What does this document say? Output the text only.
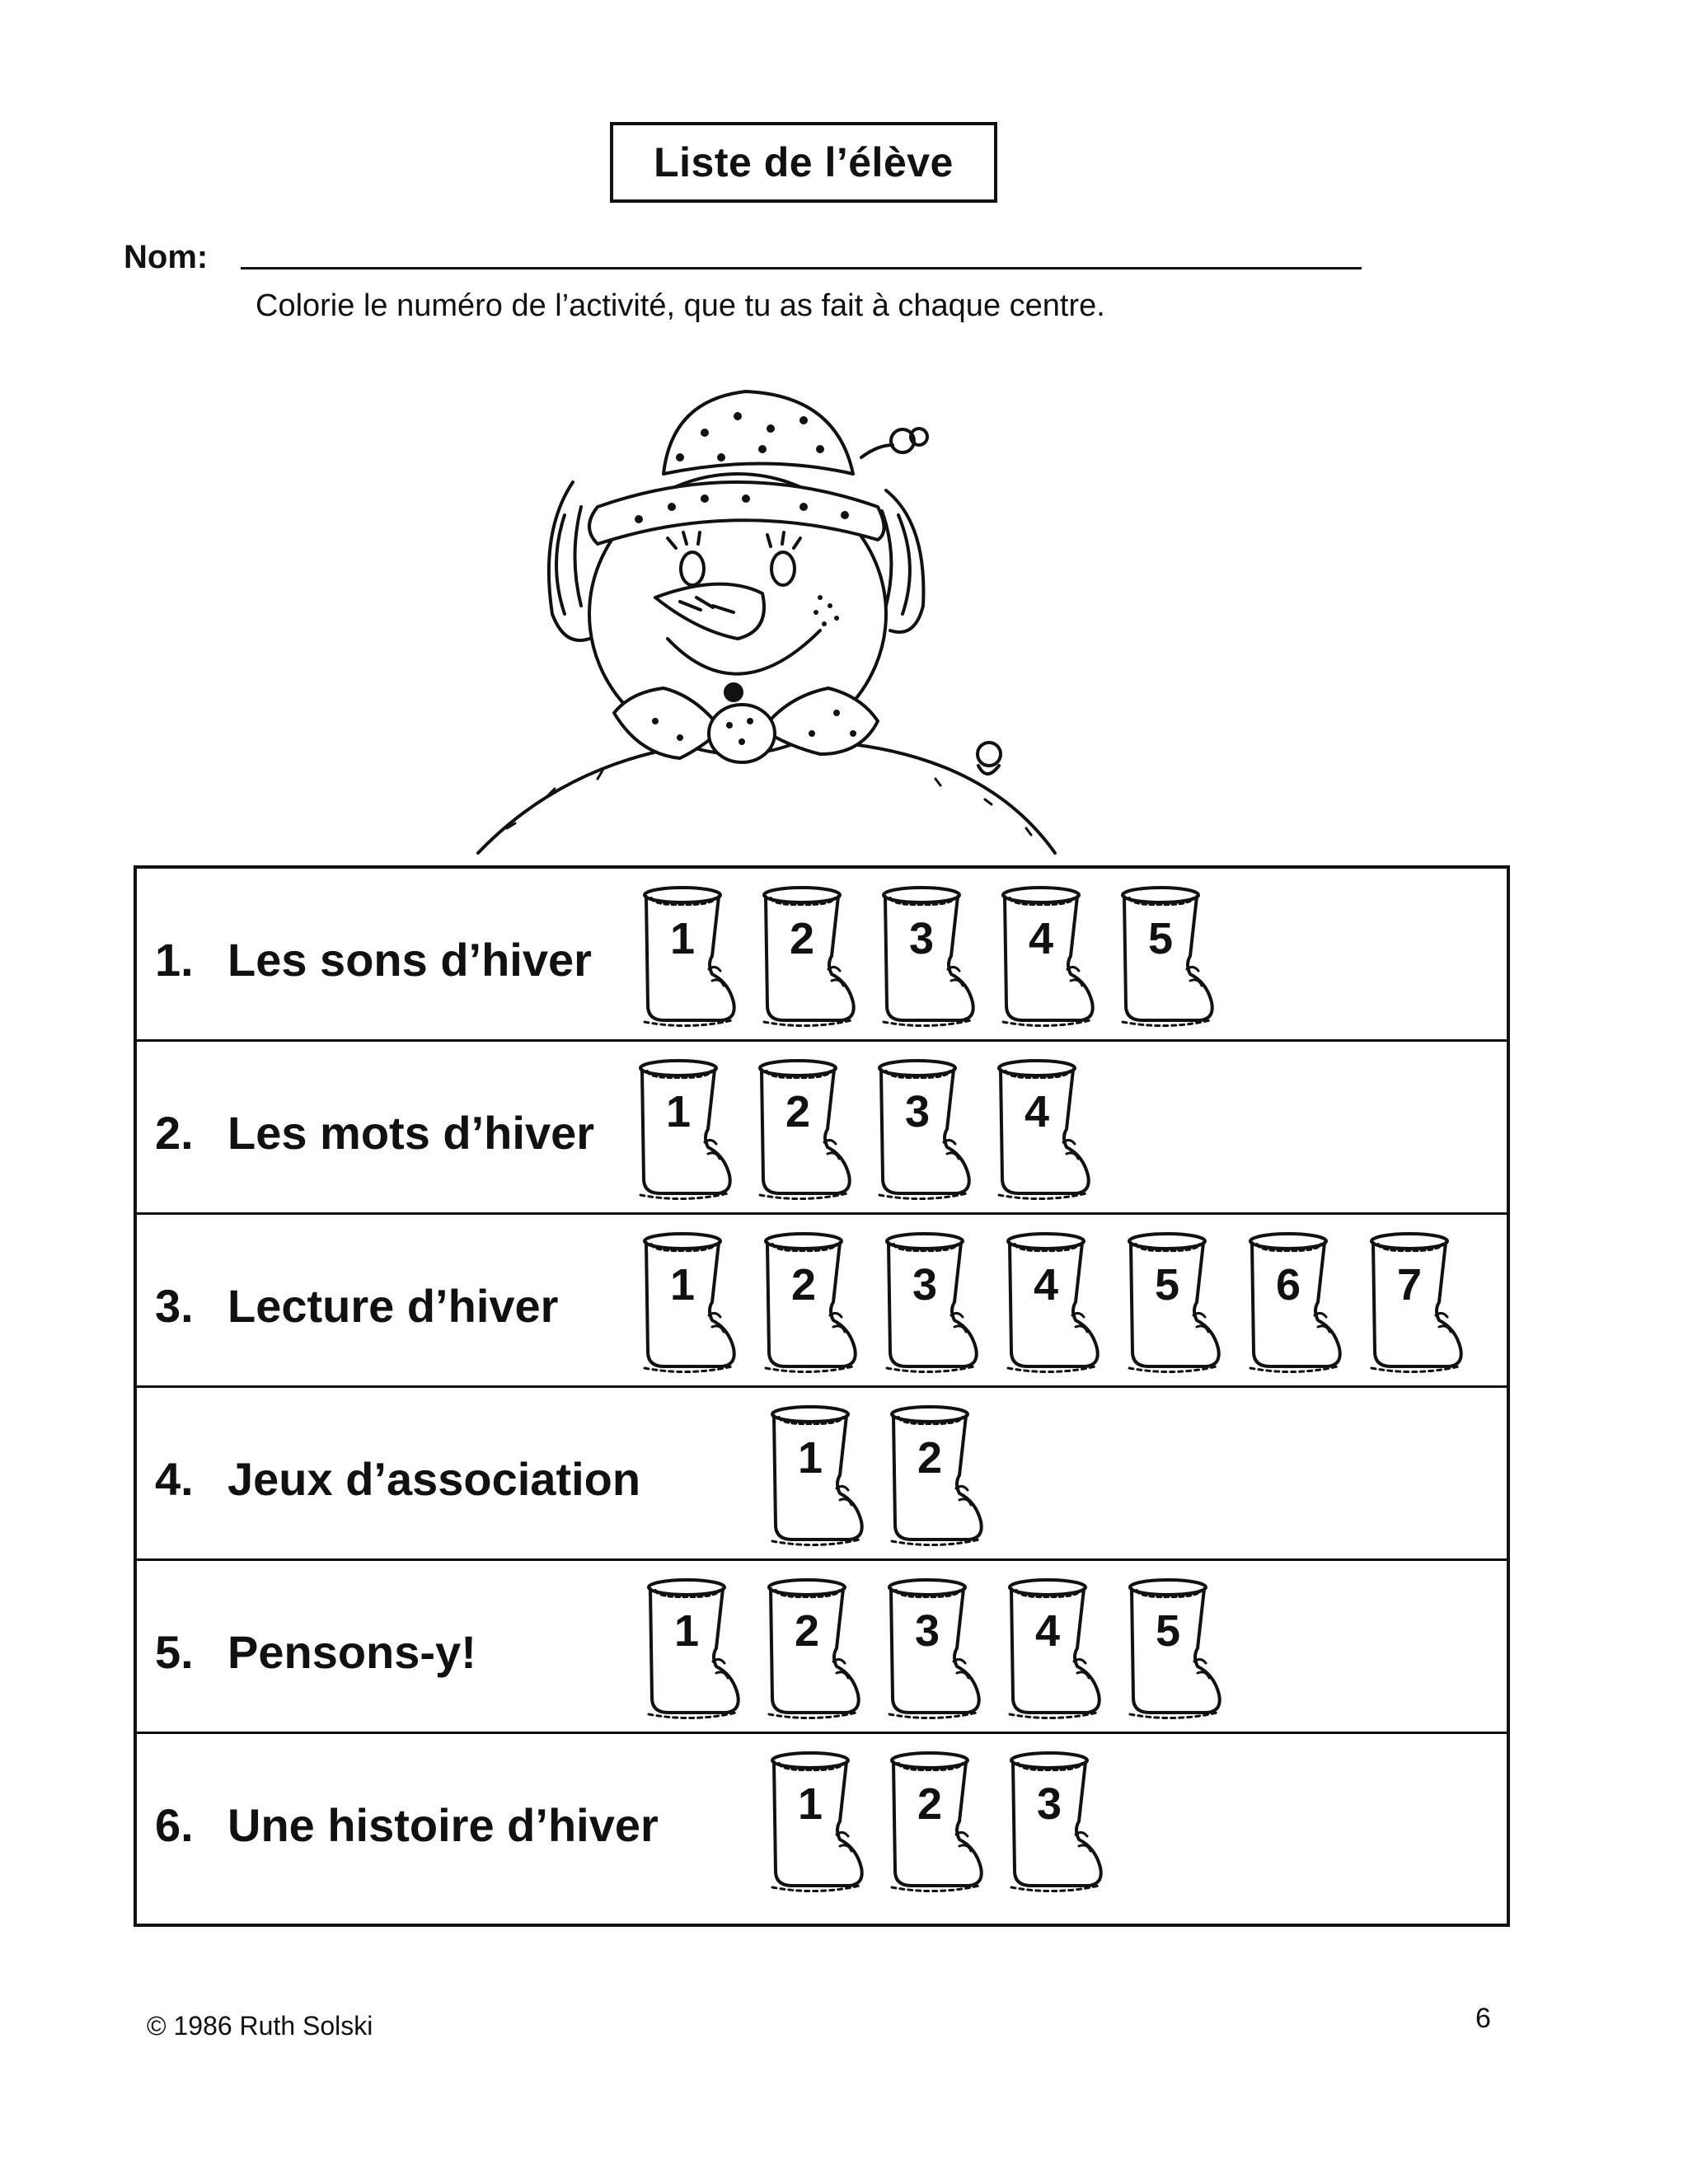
Liste de l’élève
Nom:
Colorie le numéro de l’activité, que tu as fait à chaque centre.
1. Les sons d’hiver 1 2 3 4 5
2. Les mots d’hiver 1 2 3 4
3. Lecture d’hiver	1 2 3 4 5 6 7
4. Jeux d’association	1 2
5. Pensons-y!	1 2 3 4 5
6. Une histoire d’hiver	1 2 3
© 1986 Ruth Solski	6
